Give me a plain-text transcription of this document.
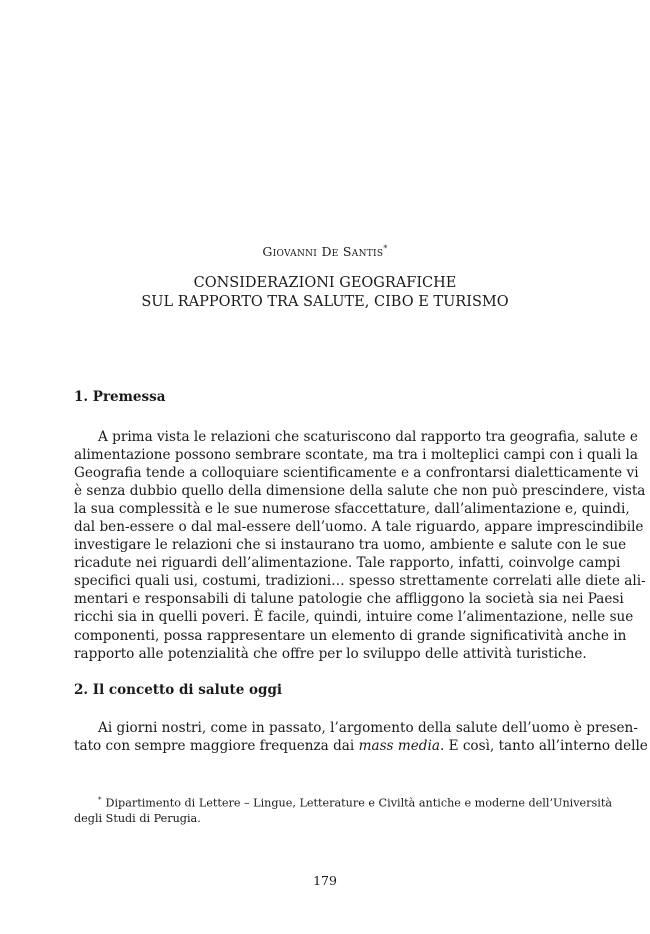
Giovanni De Santis*
CONSIDERAZIONI GEOGRAFICHE
SUL RAPPORTO TRA SALUTE, CIBO E TURISMO
1. Premessa
A prima vista le relazioni che scaturiscono dal rapporto tra geografia, salute e
alimentazione possono sembrare scontate, ma tra i molteplici campi con i quali la
Geografia tende a colloquiare scientificamente e a confrontarsi dialetticamente vi
è senza dubbio quello della dimensione della salute che non può prescindere, vista
la sua complessità e le sue numerose sfaccettature, dall’alimentazione e, quindi,
dal ben-essere o dal mal-essere dell’uomo. A tale riguardo, appare imprescindibile
investigare le relazioni che si instaurano tra uomo, ambiente e salute con le sue
ricadute nei riguardi dell’alimentazione. Tale rapporto, infatti, coinvolge campi
specifici quali usi, costumi, tradizioni… spesso strettamente correlati alle diete ali-
mentari e responsabili di talune patologie che affliggono la società sia nei Paesi
ricchi sia in quelli poveri. È facile, quindi, intuire come l’alimentazione, nelle sue
componenti, possa rappresentare un elemento di grande significatività anche in
rapporto alle potenzialità che offre per lo sviluppo delle attività turistiche.
2. Il concetto di salute oggi
Ai giorni nostri, come in passato, l’argomento della salute dell’uomo è presen-
tato con sempre maggiore frequenza dai mass media. E così, tanto all’interno delle
* Dipartimento di Lettere – Lingue, Letterature e Civiltà antiche e moderne dell’Università
degli Studi di Perugia.
179
